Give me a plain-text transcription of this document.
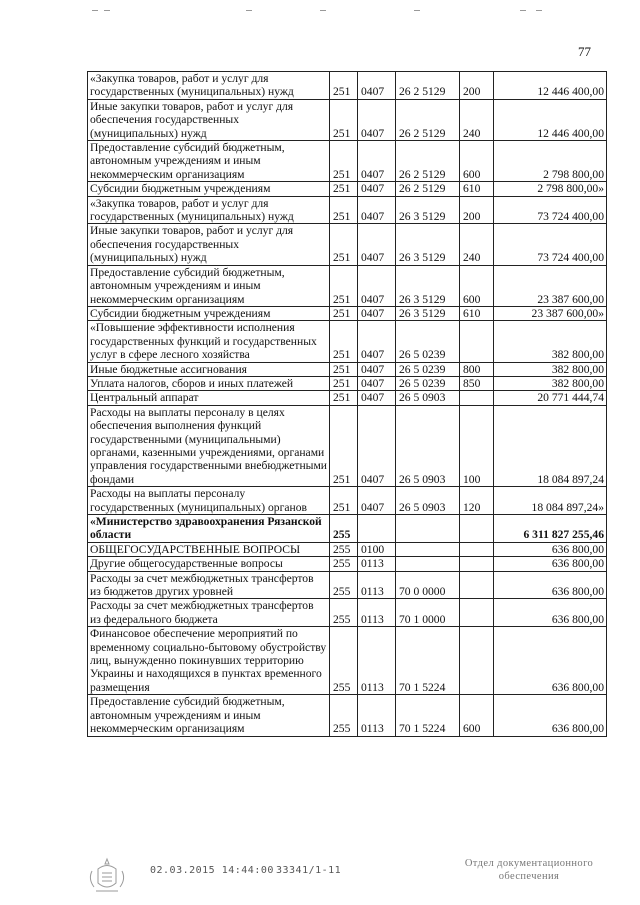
77
«Закупка товаров, работ и услуг для государственных (муниципальных) нужд	251	0407	26 2 5129	200	12 446 400,00
Иные закупки товаров, работ и услуг для обеспечения государственных (муниципальных) нужд	251	0407	26 2 5129	240	12 446 400,00
Предоставление субсидий бюджетным, автономным учреждениям и иным некоммерческим организациям	251	0407	26 2 5129	600	2 798 800,00
Субсидии бюджетным учреждениям	251	0407	26 2 5129	610	2 798 800,00»
«Закупка товаров, работ и услуг для государственных (муниципальных) нужд	251	0407	26 3 5129	200	73 724 400,00
Иные закупки товаров, работ и услуг для обеспечения государственных (муниципальных) нужд	251	0407	26 3 5129	240	73 724 400,00
Предоставление субсидий бюджетным, автономным учреждениям и иным некоммерческим организациям	251	0407	26 3 5129	600	23 387 600,00
Субсидии бюджетным учреждениям	251	0407	26 3 5129	610	23 387 600,00»
«Повышение эффективности исполнения государственных функций и государственных услуг в сфере лесного хозяйства	251	0407	26 5 0239		382 800,00
Иные бюджетные ассигнования	251	0407	26 5 0239	800	382 800,00
Уплата налогов, сборов и иных платежей	251	0407	26 5 0239	850	382 800,00
Центральный аппарат	251	0407	26 5 0903		20 771 444,74
Расходы на выплаты персоналу в целях обеспечения выполнения функций государственными (муниципальными) органами, казенными учреждениями, органами управления государственными внебюджетными фондами	251	0407	26 5 0903	100	18 084 897,24
Расходы на выплаты персоналу государственных (муниципальных) органов	251	0407	26 5 0903	120	18 084 897,24»
«Министерство здравоохранения Рязанской области	255				6 311 827 255,46
ОБЩЕГОСУДАРСТВЕННЫЕ ВОПРОСЫ	255	0100			636 800,00
Другие общегосударственные вопросы	255	0113			636 800,00
Расходы за счет межбюджетных трансфертов из бюджетов других уровней	255	0113	70 0 0000		636 800,00
Расходы за счет межбюджетных трансфертов из федерального бюджета	255	0113	70 1 0000		636 800,00
Финансовое обеспечение мероприятий по временному социально-бытовому обустройству лиц, вынужденно покинувших территорию Украины и находящихся в пунктах временного размещения	255	0113	70 1 5224		636 800,00
Предоставление субсидий бюджетным, автономным учреждениям и иным некоммерческим организациям	255	0113	70 1 5224	600	636 800,00
02.03.2015 14:44:00 33341/1-11
Отдел документационного
обеспечения
